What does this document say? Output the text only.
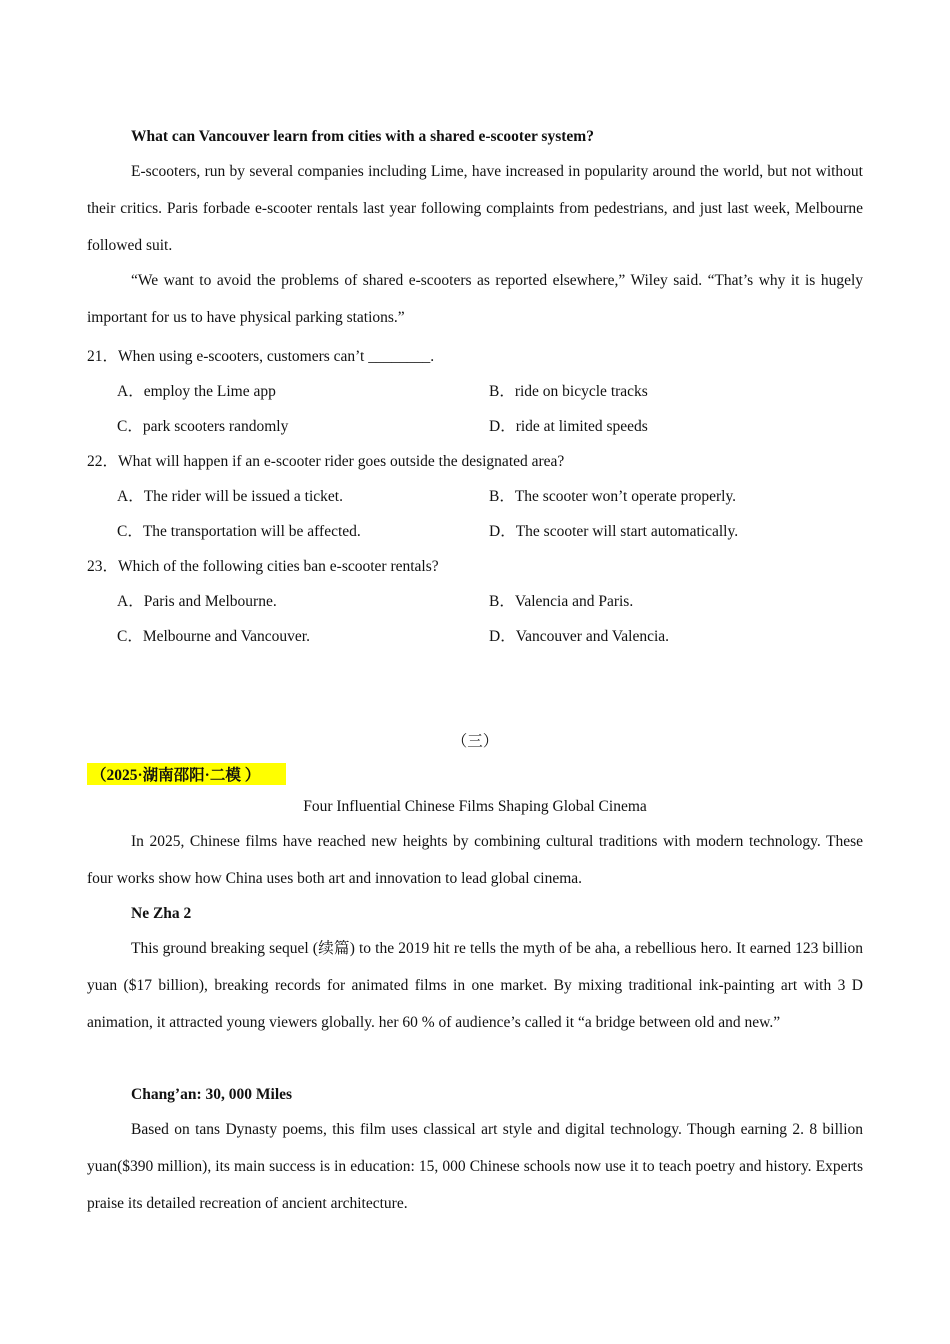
What can Vancouver learn from cities with a shared e-scooter system?
E-scooters, run by several companies including Lime, have increased in popularity around the world, but not without their critics. Paris forbade e-scooter rentals last year following complaints from pedestrians, and just last week, Melbourne followed suit.
“We want to avoid the problems of shared e-scooters as reported elsewhere,” Wiley said. “That’s why it is hugely important for us to have physical parking stations.”
21．When using e-scooters, customers can’t ________.
A．employ the Lime app	B．ride on bicycle tracks
C．park scooters randomly	D．ride at limited speeds
22．What will happen if an e-scooter rider goes outside the designated area?
A．The rider will be issued a ticket.	B．The scooter won’t operate properly.
C．The transportation will be affected.	D．The scooter will start automatically.
23．Which of the following cities ban e-scooter rentals?
A．Paris and Melbourne.	B．Valencia and Paris.
C．Melbourne and Vancouver.	D．Vancouver and Valencia.
（三）
（2025·湖南邵阳·二模 ）
Four Influential Chinese Films Shaping Global Cinema
In 2025, Chinese films have reached new heights by combining cultural traditions with modern technology. These four works show how China uses both art and innovation to lead global cinema.
Ne Zha 2
This ground breaking sequel (续篇) to the 2019 hit re tells the myth of be aha, a rebellious hero. It earned 123 billion yuan ($17 billion), breaking records for animated films in one market. By mixing traditional ink-painting art with 3 D animation, it attracted young viewers globally. her 60 % of audience’s called it “a bridge between old and new.”
Chang’an: 30, 000 Miles
Based on tans Dynasty poems, this film uses classical art style and digital technology. Though earning 2. 8 billion yuan($390 million), its main success is in education: 15, 000 Chinese schools now use it to teach poetry and history. Experts praise its detailed recreation of ancient architecture.
